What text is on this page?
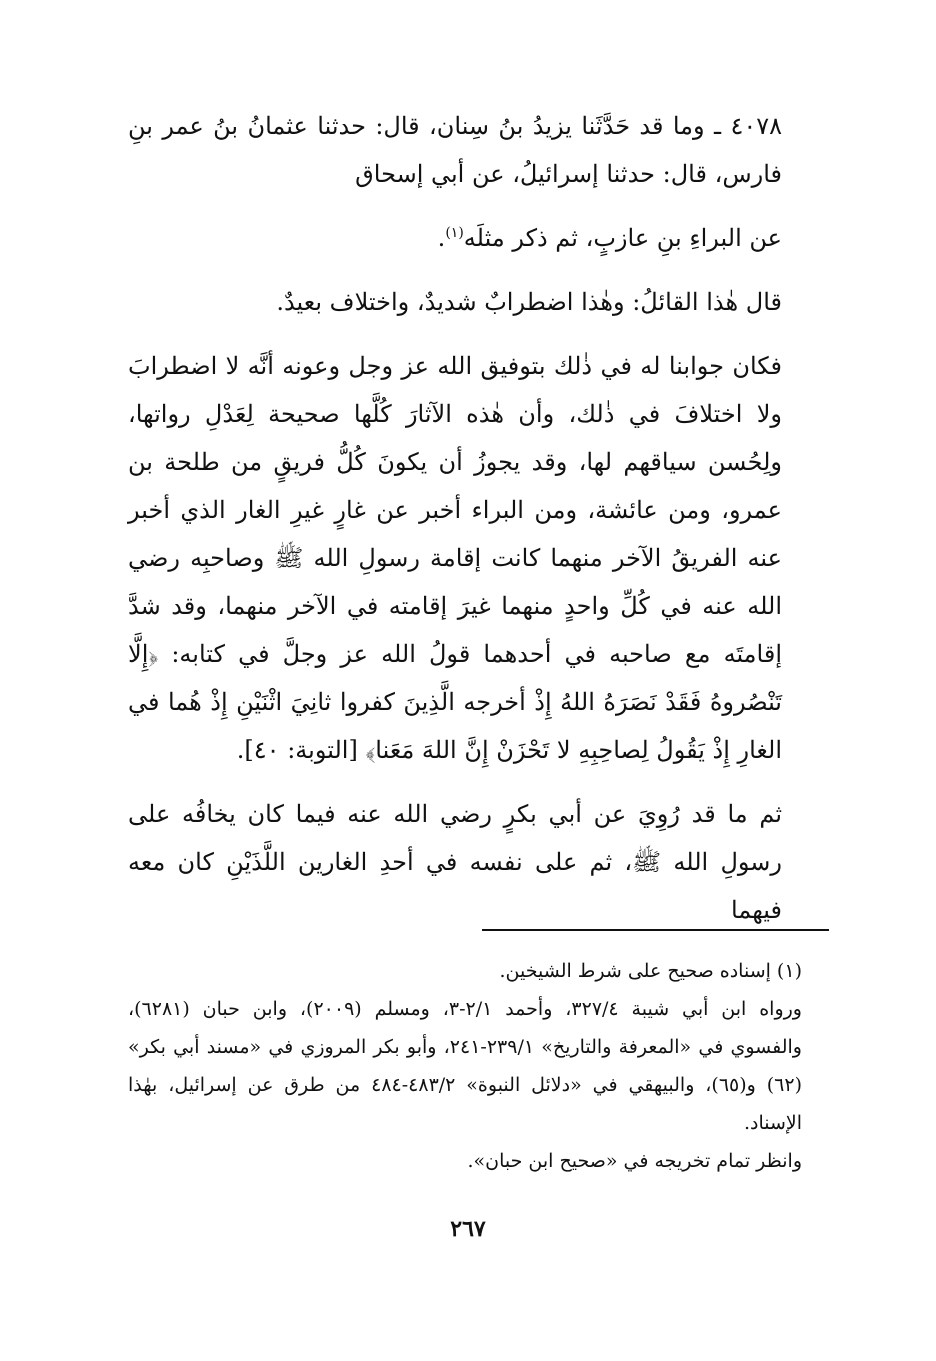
٤٠٧٨ ـ وما قد حَدَّثَنا يزيدُ بنُ سِنان، قال: حدثنا عثمانُ بنُ عمر بنِ فارس، قال: حدثنا إسرائيلُ، عن أبي إسحاق

عن البراءِ بنِ عازبٍ، ثم ذكر مثلَه$^{(١)}$.

قال هٰذا القائلُ: وهٰذا اضطرابٌ شديدٌ، واختلاف بعيدٌ.

فكان جوابنا له في ذٰلك بتوفيق الله عز وجل وعونه أنَّه لا اضطرابَ ولا اختلافَ في ذٰلك، وأن هٰذه الآثارَ كُلَّها صحيحة لِعَدْلِ رواتها، ولِحُسن سياقهم لها، وقد يجوزُ أن يكونَ كُلُّ فريقٍ من طلحة بن عمرو، ومن عائشة، ومن البراء أخبر عن غارٍ غيرِ الغار الذي أخبر عنه الفريقُ الآخر منهما كانت إقامة رسولِ الله ﷺ وصاحبِه رضي الله عنه في كُلِّ واحدٍ منهما غيرَ إقامته في الآخر منهما، وقد شدَّ إقامتَه مع صاحبه في أحدهما قولُ الله عز وجلَّ في كتابه: ﴿إِلَّا تَنْصُروهُ فَقَدْ نَصَرَهُ اللهُ إِذْ أخرجه الَّذِينَ كفروا ثانِيَ اثْنَيْنِ إِذْ هُما في الغارِ إِذْ يَقُولُ لِصاحِبِهِ لا تَحْزَنْ إِنَّ اللهَ مَعَنا﴾ [التوبة: ٤٠].

ثم ما قد رُوِيَ عن أبي بكرٍ رضي الله عنه فيما كان يخافُه على رسولِ الله ﷺ، ثم على نفسه في أحدِ الغارين اللَّذَيْنِ كان معه فيهما

(١) إسناده صحيح على شرط الشيخين.

ورواه ابن أبي شيبة ٣٢٧/٤، وأحمد ٢/١-٣، ومسلم (٢٠٠٩)، وابن حبان (٦٢٨١)، والفسوي في «المعرفة والتاريخ» ٢٣٩/١-٢٤١، وأبو بكر المروزي في «مسند أبي بكر» (٦٢) و(٦٥)، والبيهقي في «دلائل النبوة» ٤٨٣/٢-٤٨٤ من طرق عن إسرائيل، بهٰذا الإسناد.

وانظر تمام تخريجه في «صحيح ابن حبان».

٢٦٧
